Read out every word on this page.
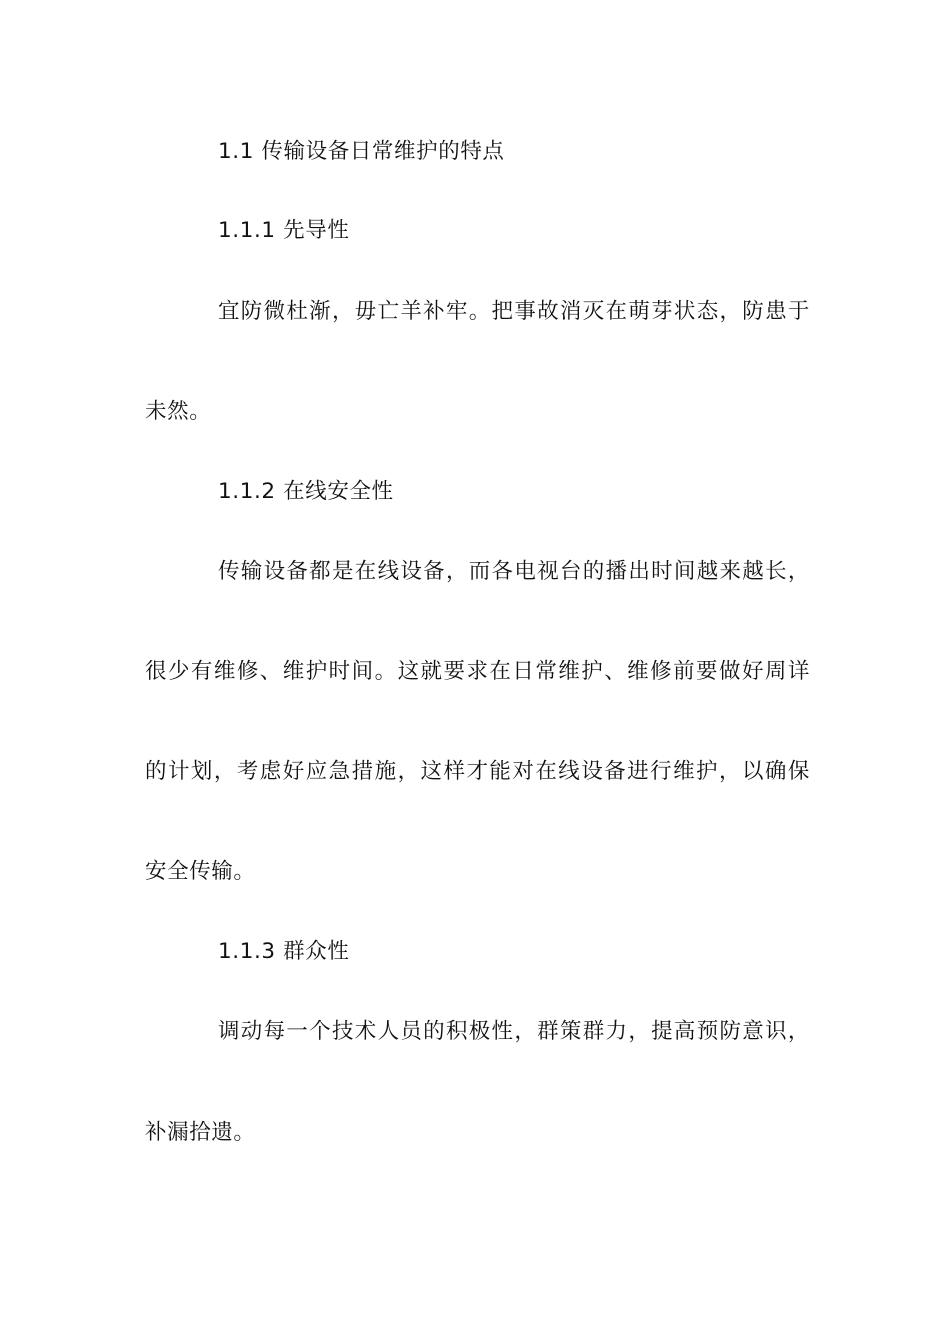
1.1 传输设备日常维护的特点
1.1.1 先导性
宜防微杜渐，毋亡羊补牢。把事故消灭在萌芽状态，防患于
未然。
1.1.2 在线安全性
传输设备都是在线设备，而各电视台的播出时间越来越长，
很少有维修、维护时间。这就要求在日常维护、维修前要做好周详
的计划，考虑好应急措施，这样才能对在线设备进行维护，以确保
安全传输。
1.1.3 群众性
调动每一个技术人员的积极性，群策群力，提高预防意识，
补漏拾遗。
